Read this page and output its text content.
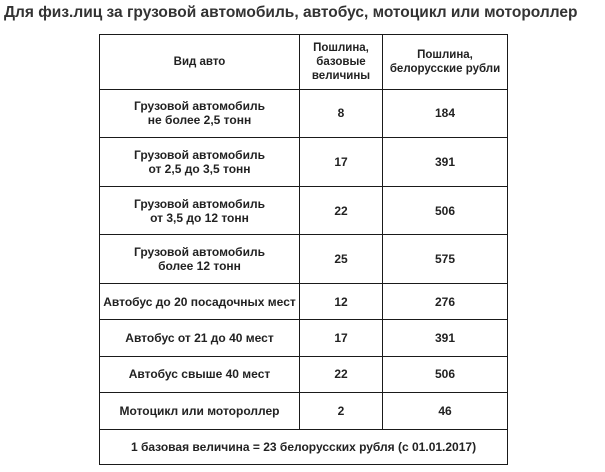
Для физ.лиц за грузовой автомобиль, автобус, мотоцикл или мотороллер
Вид авто	Пошлина,
базовые
величины	Пошлина,
белорусские рубли
Грузовой автомобиль
не более 2,5 тонн	8	184
Грузовой автомобиль
от 2,5 до 3,5 тонн	17	391
Грузовой автомобиль
от 3,5 до 12 тонн	22	506
Грузовой автомобиль
более 12 тонн	25	575
Автобус до 20 посадочных мест	12	276
Автобус от 21 до 40 мест	17	391
Автобус свыше 40 мест	22	506
Мотоцикл или мотороллер	2	46
1 базовая величина = 23 белорусских рубля (с 01.01.2017)		
